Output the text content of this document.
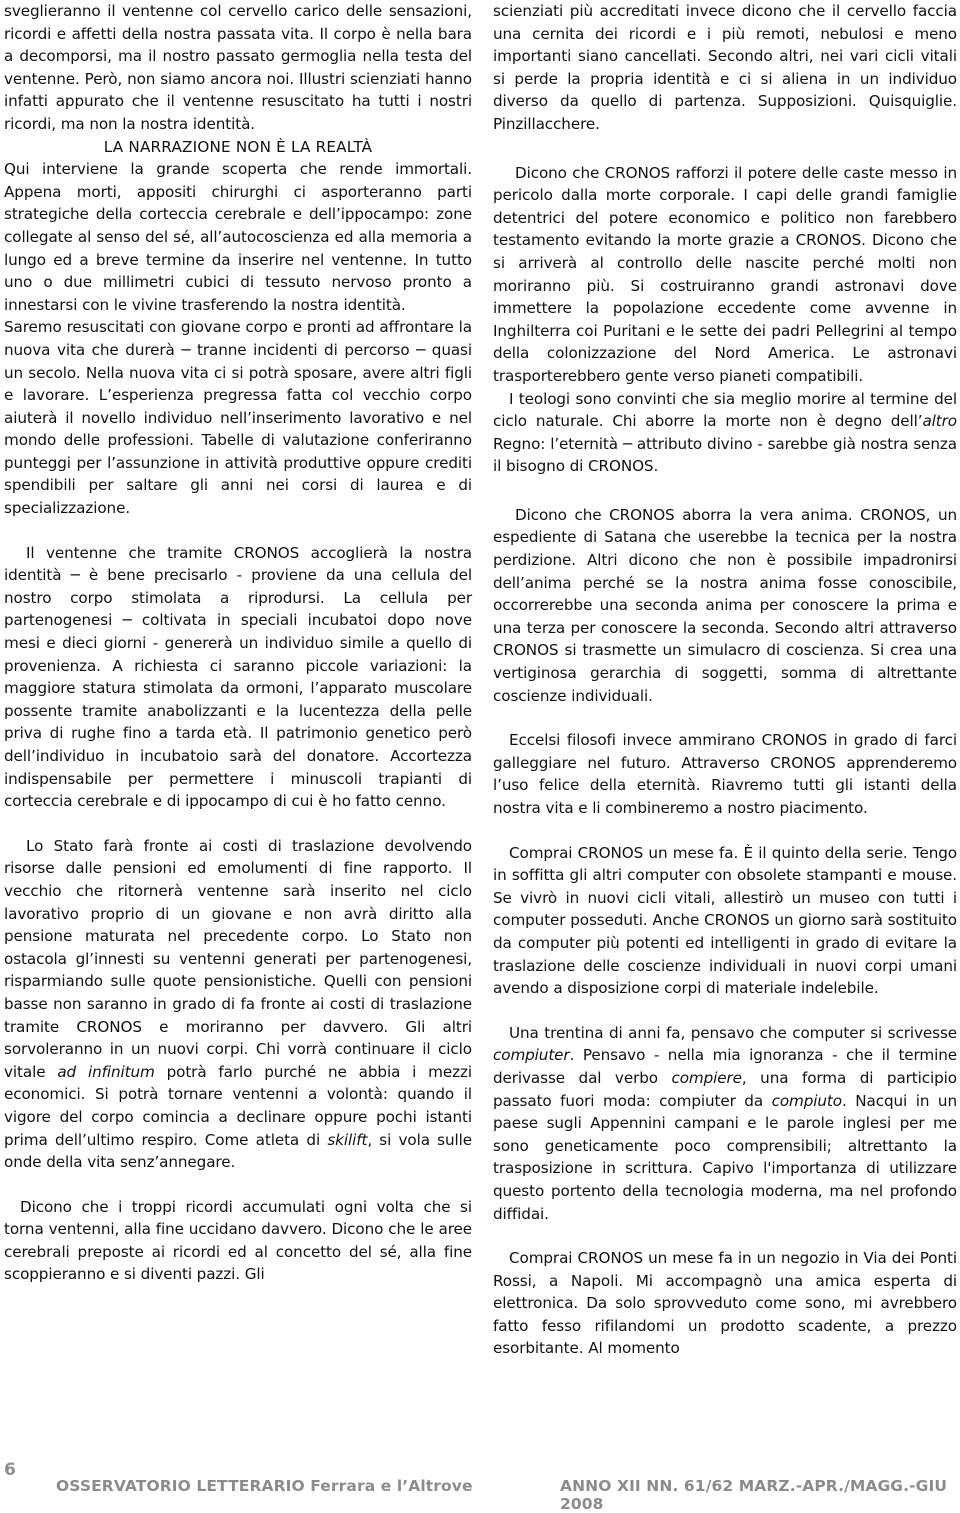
sveglieranno il ventenne col cervello carico delle sensazioni, ricordi e affetti della nostra passata vita. Il corpo è nella bara a decomporsi, ma il nostro passato germoglia nella testa del ventenne. Però, non siamo ancora noi. Illustri scienziati hanno infatti appurato che il ventenne resuscitato ha tutti i nostri ricordi, ma non la nostra identità.

LA NARRAZIONE NON È LA REALTÀ

Qui interviene la grande scoperta che rende immortali. Appena morti, appositi chirurghi ci asporteranno parti strategiche della corteccia cerebrale e dell’ippocampo: zone collegate al senso del sé, all’autocoscienza ed alla memoria a lungo ed a breve termine da inserire nel ventenne. In tutto uno o due millimetri cubici di tessuto nervoso pronto a innestarsi con le vivine trasferendo la nostra identità.

Saremo resuscitati con giovane corpo e pronti ad affrontare la nuova vita che durerà ─ tranne incidenti di percorso ─ quasi un secolo. Nella nuova vita ci si potrà sposare, avere altri figli e lavorare. L’esperienza pregressa fatta col vecchio corpo aiuterà il novello individuo nell’inserimento lavorativo e nel mondo delle professioni. Tabelle di valutazione conferiranno punteggi per l’assunzione in attività produttive oppure crediti spendibili per saltare gli anni nei corsi di laurea e di specializzazione.

Il ventenne che tramite CRONOS accoglierà la nostra identità ─ è bene precisarlo - proviene da una cellula del nostro corpo stimolata a riprodursi. La cellula per partenogenesi ─ coltivata in speciali incubatoi dopo nove mesi e dieci giorni - genererà un individuo simile a quello di provenienza. A richiesta ci saranno piccole variazioni: la maggiore statura stimolata da ormoni, l’apparato muscolare possente tramite anabolizzanti e la lucentezza della pelle priva di rughe fino a tarda età. Il patrimonio genetico però dell’individuo in incubatoio sarà del donatore. Accortezza indispensabile per permettere i minuscoli trapianti di corteccia cerebrale e di ippocampo di cui è ho fatto cenno.

Lo Stato farà fronte ai costi di traslazione devolvendo risorse dalle pensioni ed emolumenti di fine rapporto. Il vecchio che ritornerà ventenne sarà inserito nel ciclo lavorativo proprio di un giovane e non avrà diritto alla pensione maturata nel precedente corpo. Lo Stato non ostacola gl’innesti su ventenni generati per partenogenesi, risparmiando sulle quote pensionistiche. Quelli con pensioni basse non saranno in grado di fa fronte ai costi di traslazione tramite CRONOS e moriranno per davvero. Gli altri sorvoleranno in un nuovi corpi. Chi vorrà continuare il ciclo vitale ad infinitum potrà farlo purché ne abbia i mezzi economici. Si potrà tornare ventenni a volontà: quando il vigore del corpo comincia a declinare oppure pochi istanti prima dell’ultimo respiro. Come atleta di skilift, si vola sulle onde della vita senz’annegare.

Dicono che i troppi ricordi accumulati ogni volta che si torna ventenni, alla fine uccidano davvero. Dicono che le aree cerebrali preposte ai ricordi ed al concetto del sé, alla fine scoppieranno e si diventi pazzi. Gli

scienziati più accreditati invece dicono che il cervello faccia una cernita dei ricordi e i più remoti, nebulosi e meno importanti siano cancellati. Secondo altri, nei vari cicli vitali si perde la propria identità e ci si aliena in un individuo diverso da quello di partenza. Supposizioni. Quisquiglie. Pinzillacchere.

Dicono che CRONOS rafforzi il potere delle caste messo in pericolo dalla morte corporale. I capi delle grandi famiglie detentrici del potere economico e politico non farebbero testamento evitando la morte grazie a CRONOS. Dicono che si arriverà al controllo delle nascite perché molti non moriranno più. Si costruiranno grandi astronavi dove immettere la popolazione eccedente come avvenne in Inghilterra coi Puritani e le sette dei padri Pellegrini al tempo della colonizzazione del Nord America. Le astronavi trasporterebbero gente verso pianeti compatibili.

I teologi sono convinti che sia meglio morire al termine del ciclo naturale. Chi aborre la morte non è degno dell’altro Regno: l’eternità ─ attributo divino - sarebbe già nostra senza il bisogno di CRONOS.

Dicono che CRONOS aborra la vera anima. CRONOS, un espediente di Satana che userebbe la tecnica per la nostra perdizione. Altri dicono che non è possibile impadronirsi dell’anima perché se la nostra anima fosse conoscibile, occorrerebbe una seconda anima per conoscere la prima e una terza per conoscere la seconda. Secondo altri attraverso CRONOS si trasmette un simulacro di coscienza. Si crea una vertiginosa gerarchia di soggetti, somma di altrettante coscienze individuali.

Eccelsi filosofi invece ammirano CRONOS in grado di farci galleggiare nel futuro. Attraverso CRONOS apprenderemo l’uso felice della eternità. Riavremo tutti gli istanti della nostra vita e li combineremo a nostro piacimento.

Comprai CRONOS un mese fa. È il quinto della serie. Tengo in soffitta gli altri computer con obsolete stampanti e mouse. Se vivrò in nuovi cicli vitali, allestirò un museo con tutti i computer posseduti. Anche CRONOS un giorno sarà sostituito da computer più potenti ed intelligenti in grado di evitare la traslazione delle coscienze individuali in nuovi corpi umani avendo a disposizione corpi di materiale indelebile.

Una trentina di anni fa, pensavo che computer si scrivesse compiuter. Pensavo - nella mia ignoranza - che il termine derivasse dal verbo compiere, una forma di participio passato fuori moda: compiuter da compiuto. Nacqui in un paese sugli Appennini campani e le parole inglesi per me sono geneticamente poco comprensibili; altrettanto la trasposizione in scrittura. Capivo l'importanza di utilizzare questo portento della tecnologia moderna, ma nel profondo diffidai.

Comprai CRONOS un mese fa in un negozio in Via dei Ponti Rossi, a Napoli. Mi accompagnò una amica esperta di elettronica. Da solo sprovveduto come sono, mi avrebbero fatto fesso rifilandomi un prodotto scadente, a prezzo esorbitante. Al momento

6
OSSERVATORIO LETTERARIO Ferrara e l’Altrove	ANNO XII NN. 61/62 MARZ.-APR./MAGG.-GIU 2008
